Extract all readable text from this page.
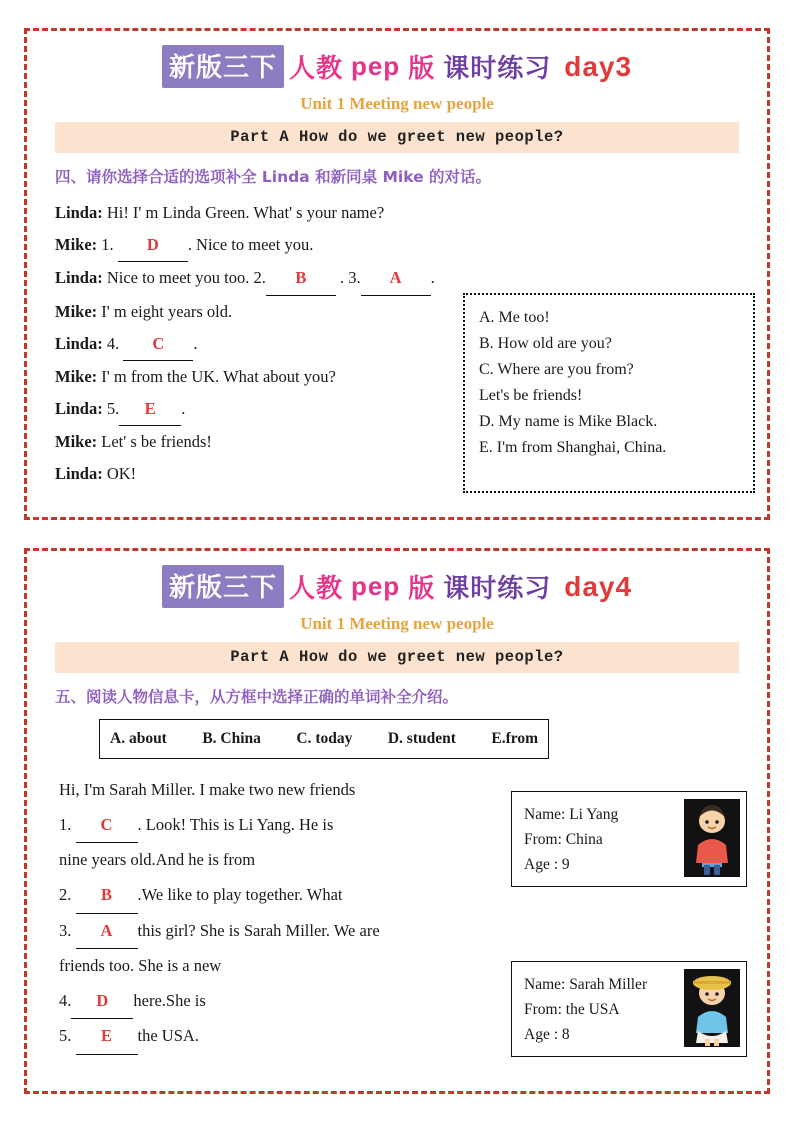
新版三下 人教 pep 版 课时练习 day3
Unit 1 Meeting new people
Part A How do we greet new people?
四、请你选择合适的选项补全 Linda 和新同桌 Mike 的对话。
Linda: Hi! I' m Linda Green. What' s your name?
Mike: 1. D . Nice to meet you.
Linda: Nice to meet you too. 2. B . 3. A .
Mike: I' m eight years old.
Linda: 4. C .
Mike: I' m from the UK. What about you?
Linda: 5. E .
Mike: Let' s be friends!
Linda: OK!
A. Me too!
B. How old are you?
C. Where are you from?
Let's be friends!
D. My name is Mike Black.
E. I'm from Shanghai, China.
新版三下 人教 pep 版 课时练习 day4
Unit 1 Meeting new people
Part A How do we greet new people?
五、阅读人物信息卡，从方框中选择正确的单词补全介绍。
A. about B. China C. today D. student E.from
Hi, I'm Sarah Miller. I make two new friends
1. C . Look! This is Li Yang. He is
nine years old.And he is from
2. B .We like to play together. What
3. A this girl? She is Sarah Miller. We are
friends too. She is a new
4. D here.She is
5. E the USA.
Name: Li Yang
From: China
Age : 9
Name: Sarah Miller
From: the USA
Age : 8
